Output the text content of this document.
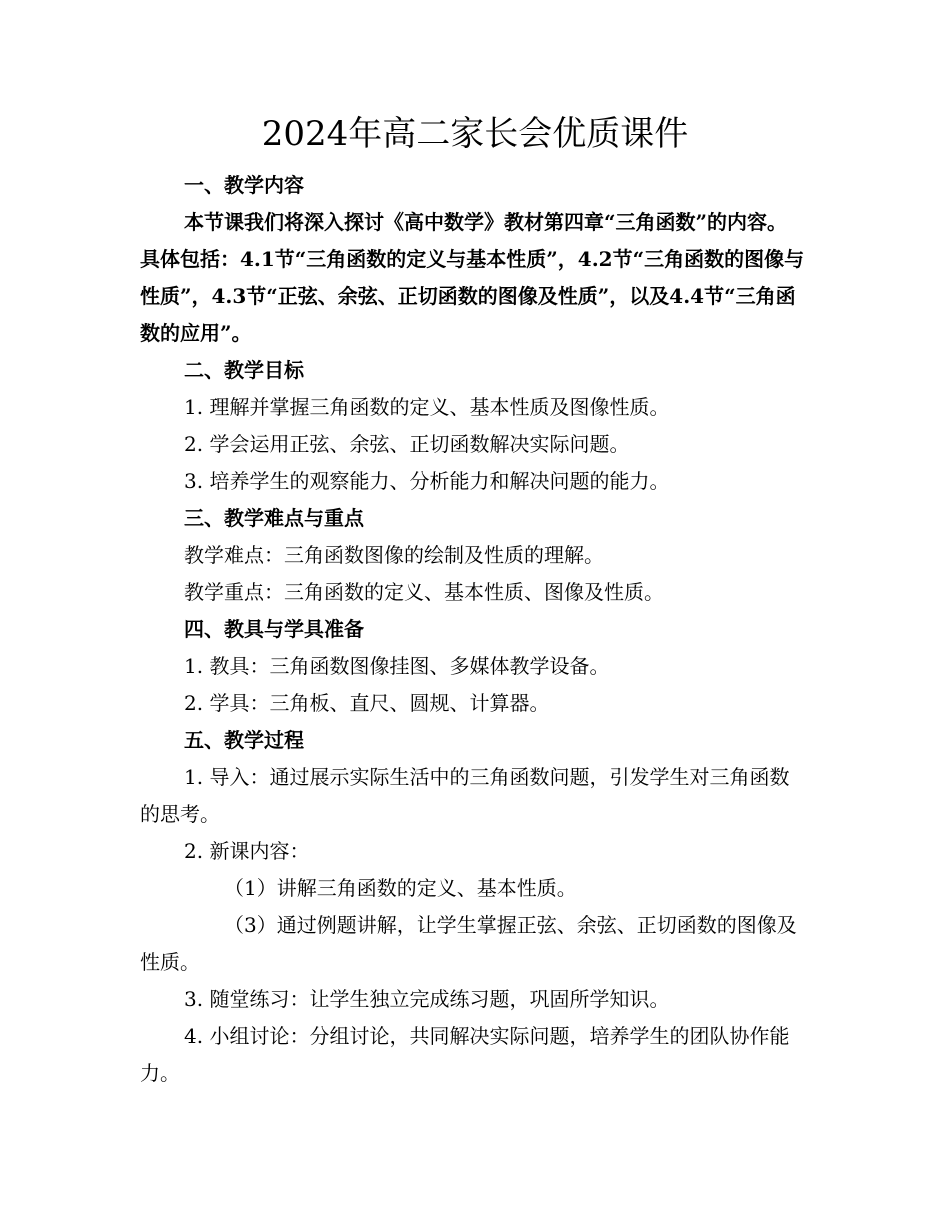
2024年高二家长会优质课件

一、教学内容

本节课我们将深入探讨《高中数学》教材第四章“三角函数”的内容。具体包括：4.1节“三角函数的定义与基本性质”，4.2节“三角函数的图像与性质”，4.3节“正弦、余弦、正切函数的图像及性质”，以及4.4节“三角函数的应用”。

二、教学目标

1. 理解并掌握三角函数的定义、基本性质及图像性质。

2. 学会运用正弦、余弦、正切函数解决实际问题。

3. 培养学生的观察能力、分析能力和解决问题的能力。

三、教学难点与重点

教学难点：三角函数图像的绘制及性质的理解。

教学重点：三角函数的定义、基本性质、图像及性质。

四、教具与学具准备

1. 教具：三角函数图像挂图、多媒体教学设备。

2. 学具：三角板、直尺、圆规、计算器。

五、教学过程

1. 导入：通过展示实际生活中的三角函数问题，引发学生对三角函数的思考。

2. 新课内容：

（1）讲解三角函数的定义、基本性质。

（3）通过例题讲解，让学生掌握正弦、余弦、正切函数的图像及性质。

3. 随堂练习：让学生独立完成练习题，巩固所学知识。

4. 小组讨论：分组讨论，共同解决实际问题，培养学生的团队协作能力。
